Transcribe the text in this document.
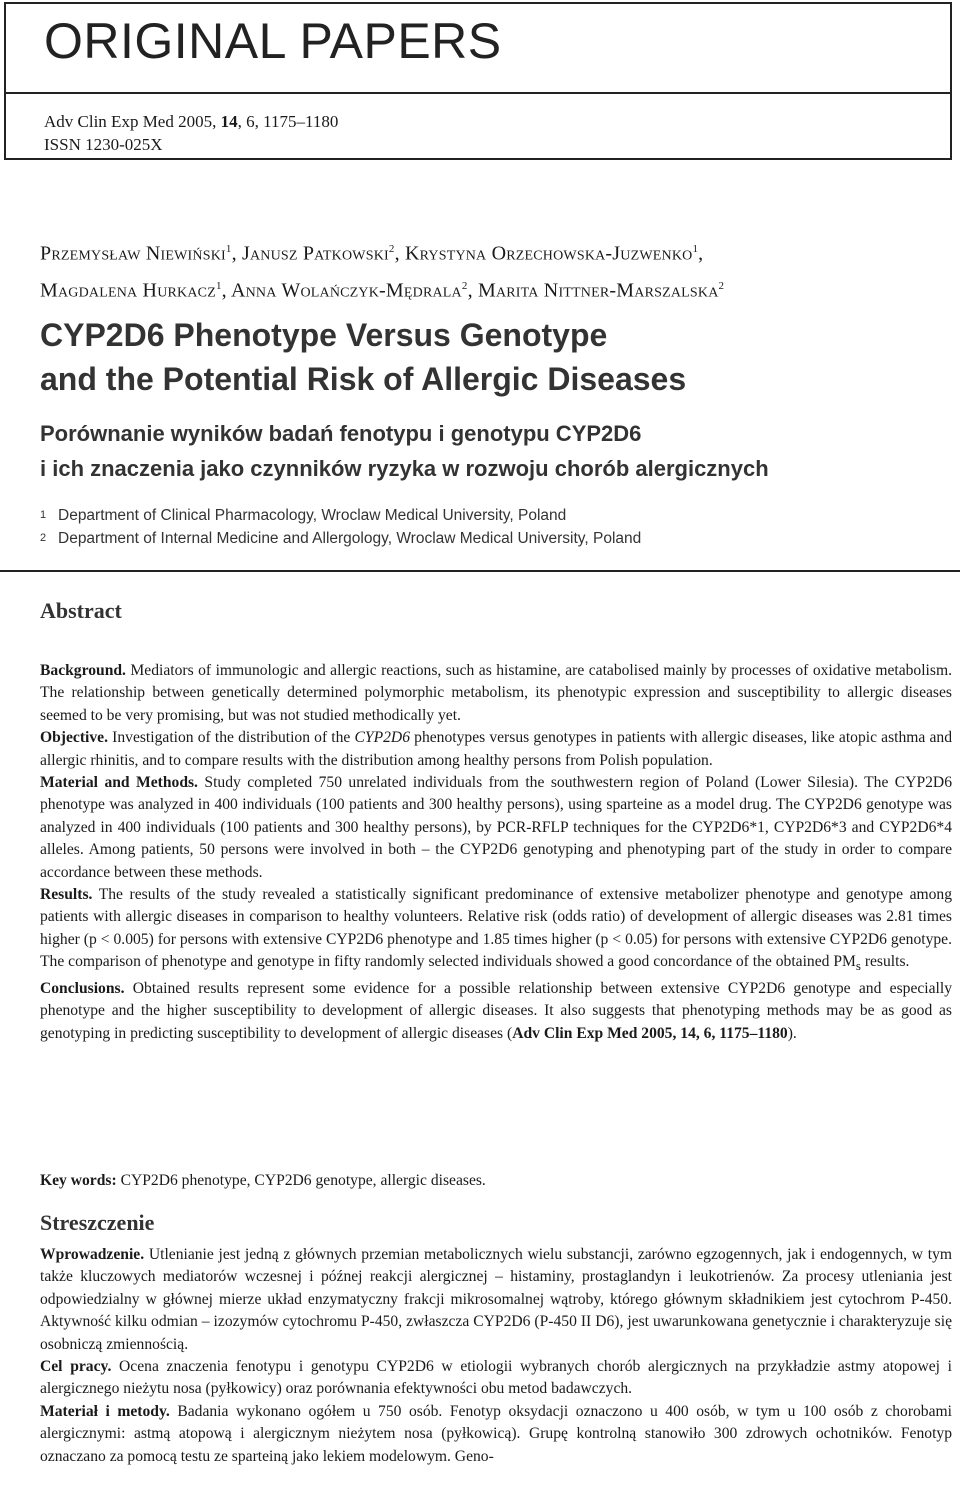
ORIGINAL PAPERS
Adv Clin Exp Med 2005, 14, 6, 1175–1180
ISSN 1230-025X
Przemysław Niewiński$^1$, Janusz Patkowski$^2$, Krystyna Orzechowska-Juzwenko$^1$,
Magdalena Hurkacz$^1$, Anna Wolańczyk-Mędrala$^2$, Marita Nittner-Marszalska$^2$
CYP2D6 Phenotype Versus Genotype
and the Potential Risk of Allergic Diseases
Porównanie wyników badań fenotypu i genotypu CYP2D6
i ich znaczenia jako czynników ryzyka w rozwoju chorób alergicznych
1 Department of Clinical Pharmacology, Wroclaw Medical University, Poland
2 Department of Internal Medicine and Allergology, Wroclaw Medical University, Poland
Abstract

Background. Mediators of immunologic and allergic reactions, such as histamine, are catabolised mainly by processes of oxidative metabolism. The relationship between genetically determined polymorphic metabolism, its phenotypic expression and susceptibility to allergic diseases seemed to be very promising, but was not studied methodically yet.

Objective. Investigation of the distribution of the CYP2D6 phenotypes versus genotypes in patients with allergic diseases, like atopic asthma and allergic rhinitis, and to compare results with the distribution among healthy persons from Polish population.

Material and Methods. Study completed 750 unrelated individuals from the southwestern region of Poland (Lower Silesia). The CYP2D6 phenotype was analyzed in 400 individuals (100 patients and 300 healthy persons), using sparteine as a model drug. The CYP2D6 genotype was analyzed in 400 individuals (100 patients and 300 healthy persons), by PCR-RFLP techniques for the CYP2D6*1, CYP2D6*3 and CYP2D6*4 alleles. Among patients, 50 persons were involved in both – the CYP2D6 genotyping and phenotyping part of the study in order to compare accordance between these methods.

Results. The results of the study revealed a statistically significant predominance of extensive metabolizer phenotype and genotype among patients with allergic diseases in comparison to healthy volunteers. Relative risk (odds ratio) of development of allergic diseases was 2.81 times higher (p < 0.005) for persons with extensive CYP2D6 phenotype and 1.85 times higher (p < 0.05) for persons with extensive CYP2D6 genotype. The comparison of phenotype and genotype in fifty randomly selected individuals showed a good concordance of the obtained $PM_s$ results.

Conclusions. Obtained results represent some evidence for a possible relationship between extensive CYP2D6 genotype and especially phenotype and the higher susceptibility to development of allergic diseases. It also suggests that phenotyping methods may be as good as genotyping in predicting susceptibility to development of allergic diseases (Adv Clin Exp Med 2005, 14, 6, 1175–1180).

Key words: CYP2D6 phenotype, CYP2D6 genotype, allergic diseases.
Streszczenie

Wprowadzenie. Utlenianie jest jedną z głównych przemian metabolicznych wielu substancji, zarówno egzogennych, jak i endogennych, w tym także kluczowych mediatorów wczesnej i późnej reakcji alergicznej – histaminy, prostaglandyn i leukotrienów. Za procesy utleniania jest odpowiedzialny w głównej mierze układ enzymatyczny frakcji mikrosomalnej wątroby, którego głównym składnikiem jest cytochrom P-450. Aktywność kilku odmian – izozymów cytochromu P-450, zwłaszcza CYP2D6 (P-450 II D6), jest uwarunkowana genetycznie i charakteryzuje się osobniczą zmiennością.

Cel pracy. Ocena znaczenia fenotypu i genotypu CYP2D6 w etiologii wybranych chorób alergicznych na przykładzie astmy atopowej i alergicznego nieżytu nosa (pyłkowicy) oraz porównania efektywności obu metod badawczych.

Materiał i metody. Badania wykonano ogółem u 750 osób. Fenotyp oksydacji oznaczono u 400 osób, w tym u 100 osób z chorobami alergicznymi: astmą atopową i alergicznym nieżytem nosa (pyłkowicą). Grupę kontrolną stanowiło 300 zdrowych ochotników. Fenotyp oznaczano za pomocą testu ze sparteiną jako lekiem modelowym. Geno-
